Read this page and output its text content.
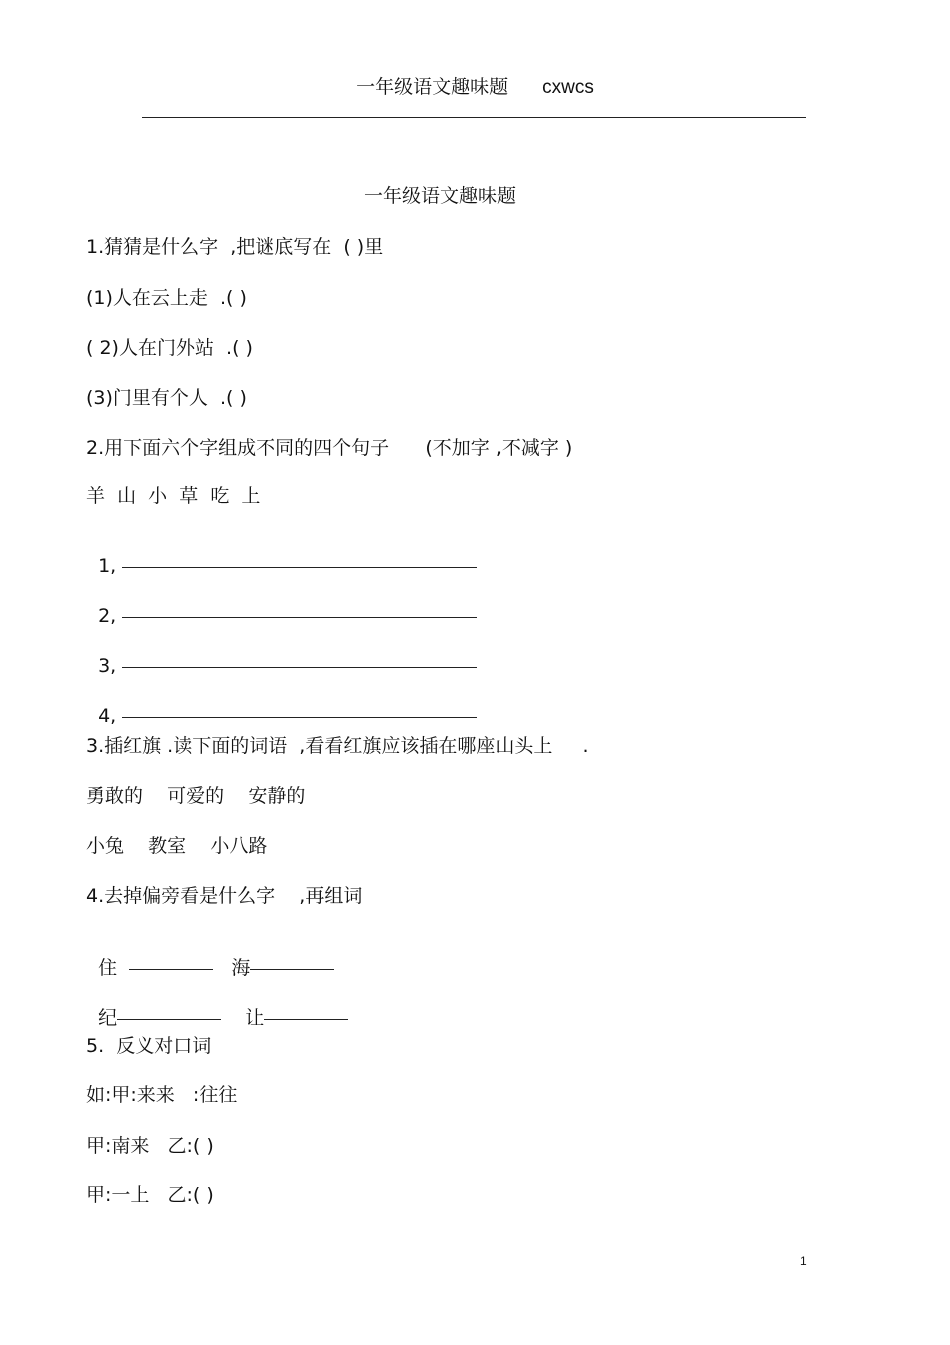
一年级语文趣味题 cxwcs
一年级语文趣味题
1.猜猜是什么字  ,把谜底写在  ( )里
(1)人在云上走  .( )
( 2)人在门外站  .( )
(3)门里有个人  .( )
2.用下面六个字组成不同的四个句子      (不加字 ,不减字 )
羊  山  小  草  吃  上

1,

2,

3,

4,

3.插红旗 .读下面的词语  ,看看红旗应该插在哪座山头上     .
勇敢的    可爱的    安静的
小兔    教室    小八路
4.去掉偏旁看是什么字    ,再组词

住	海

纪	让

5.  反义对口词
如:甲:来来   :往往
甲:南来   乙:( )
甲:一上   乙:( )
1
